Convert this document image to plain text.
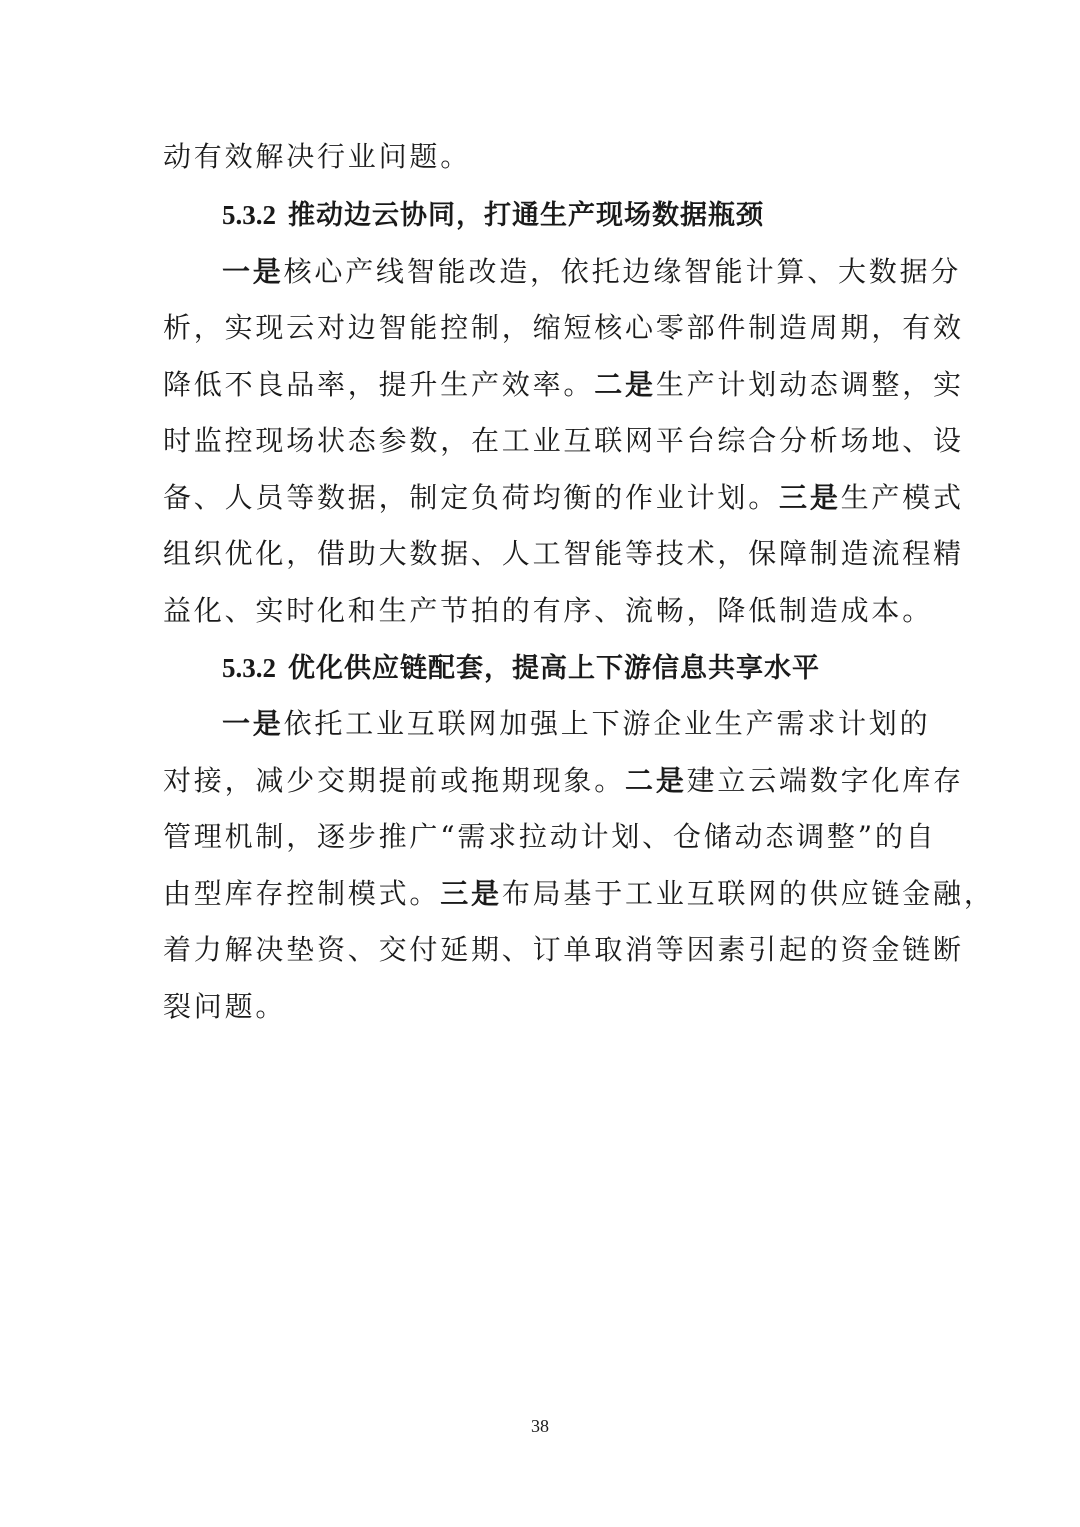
动有效解决行业问题。
5.3.2 推动边云协同，打通生产现场数据瓶颈
一是核心产线智能改造，依托边缘智能计算、大数据分
析，实现云对边智能控制，缩短核心零部件制造周期，有效
降低不良品率，提升生产效率。二是生产计划动态调整，实
时监控现场状态参数，在工业互联网平台综合分析场地、设
备、人员等数据，制定负荷均衡的作业计划。三是生产模式
组织优化，借助大数据、人工智能等技术，保障制造流程精
益化、实时化和生产节拍的有序、流畅，降低制造成本。
5.3.2 优化供应链配套，提高上下游信息共享水平
一是依托工业互联网加强上下游企业生产需求计划的
对接，减少交期提前或拖期现象。二是建立云端数字化库存
管理机制，逐步推广“需求拉动计划、仓储动态调整”的自
由型库存控制模式。三是布局基于工业互联网的供应链金融，
着力解决垫资、交付延期、订单取消等因素引起的资金链断
裂问题。
38
